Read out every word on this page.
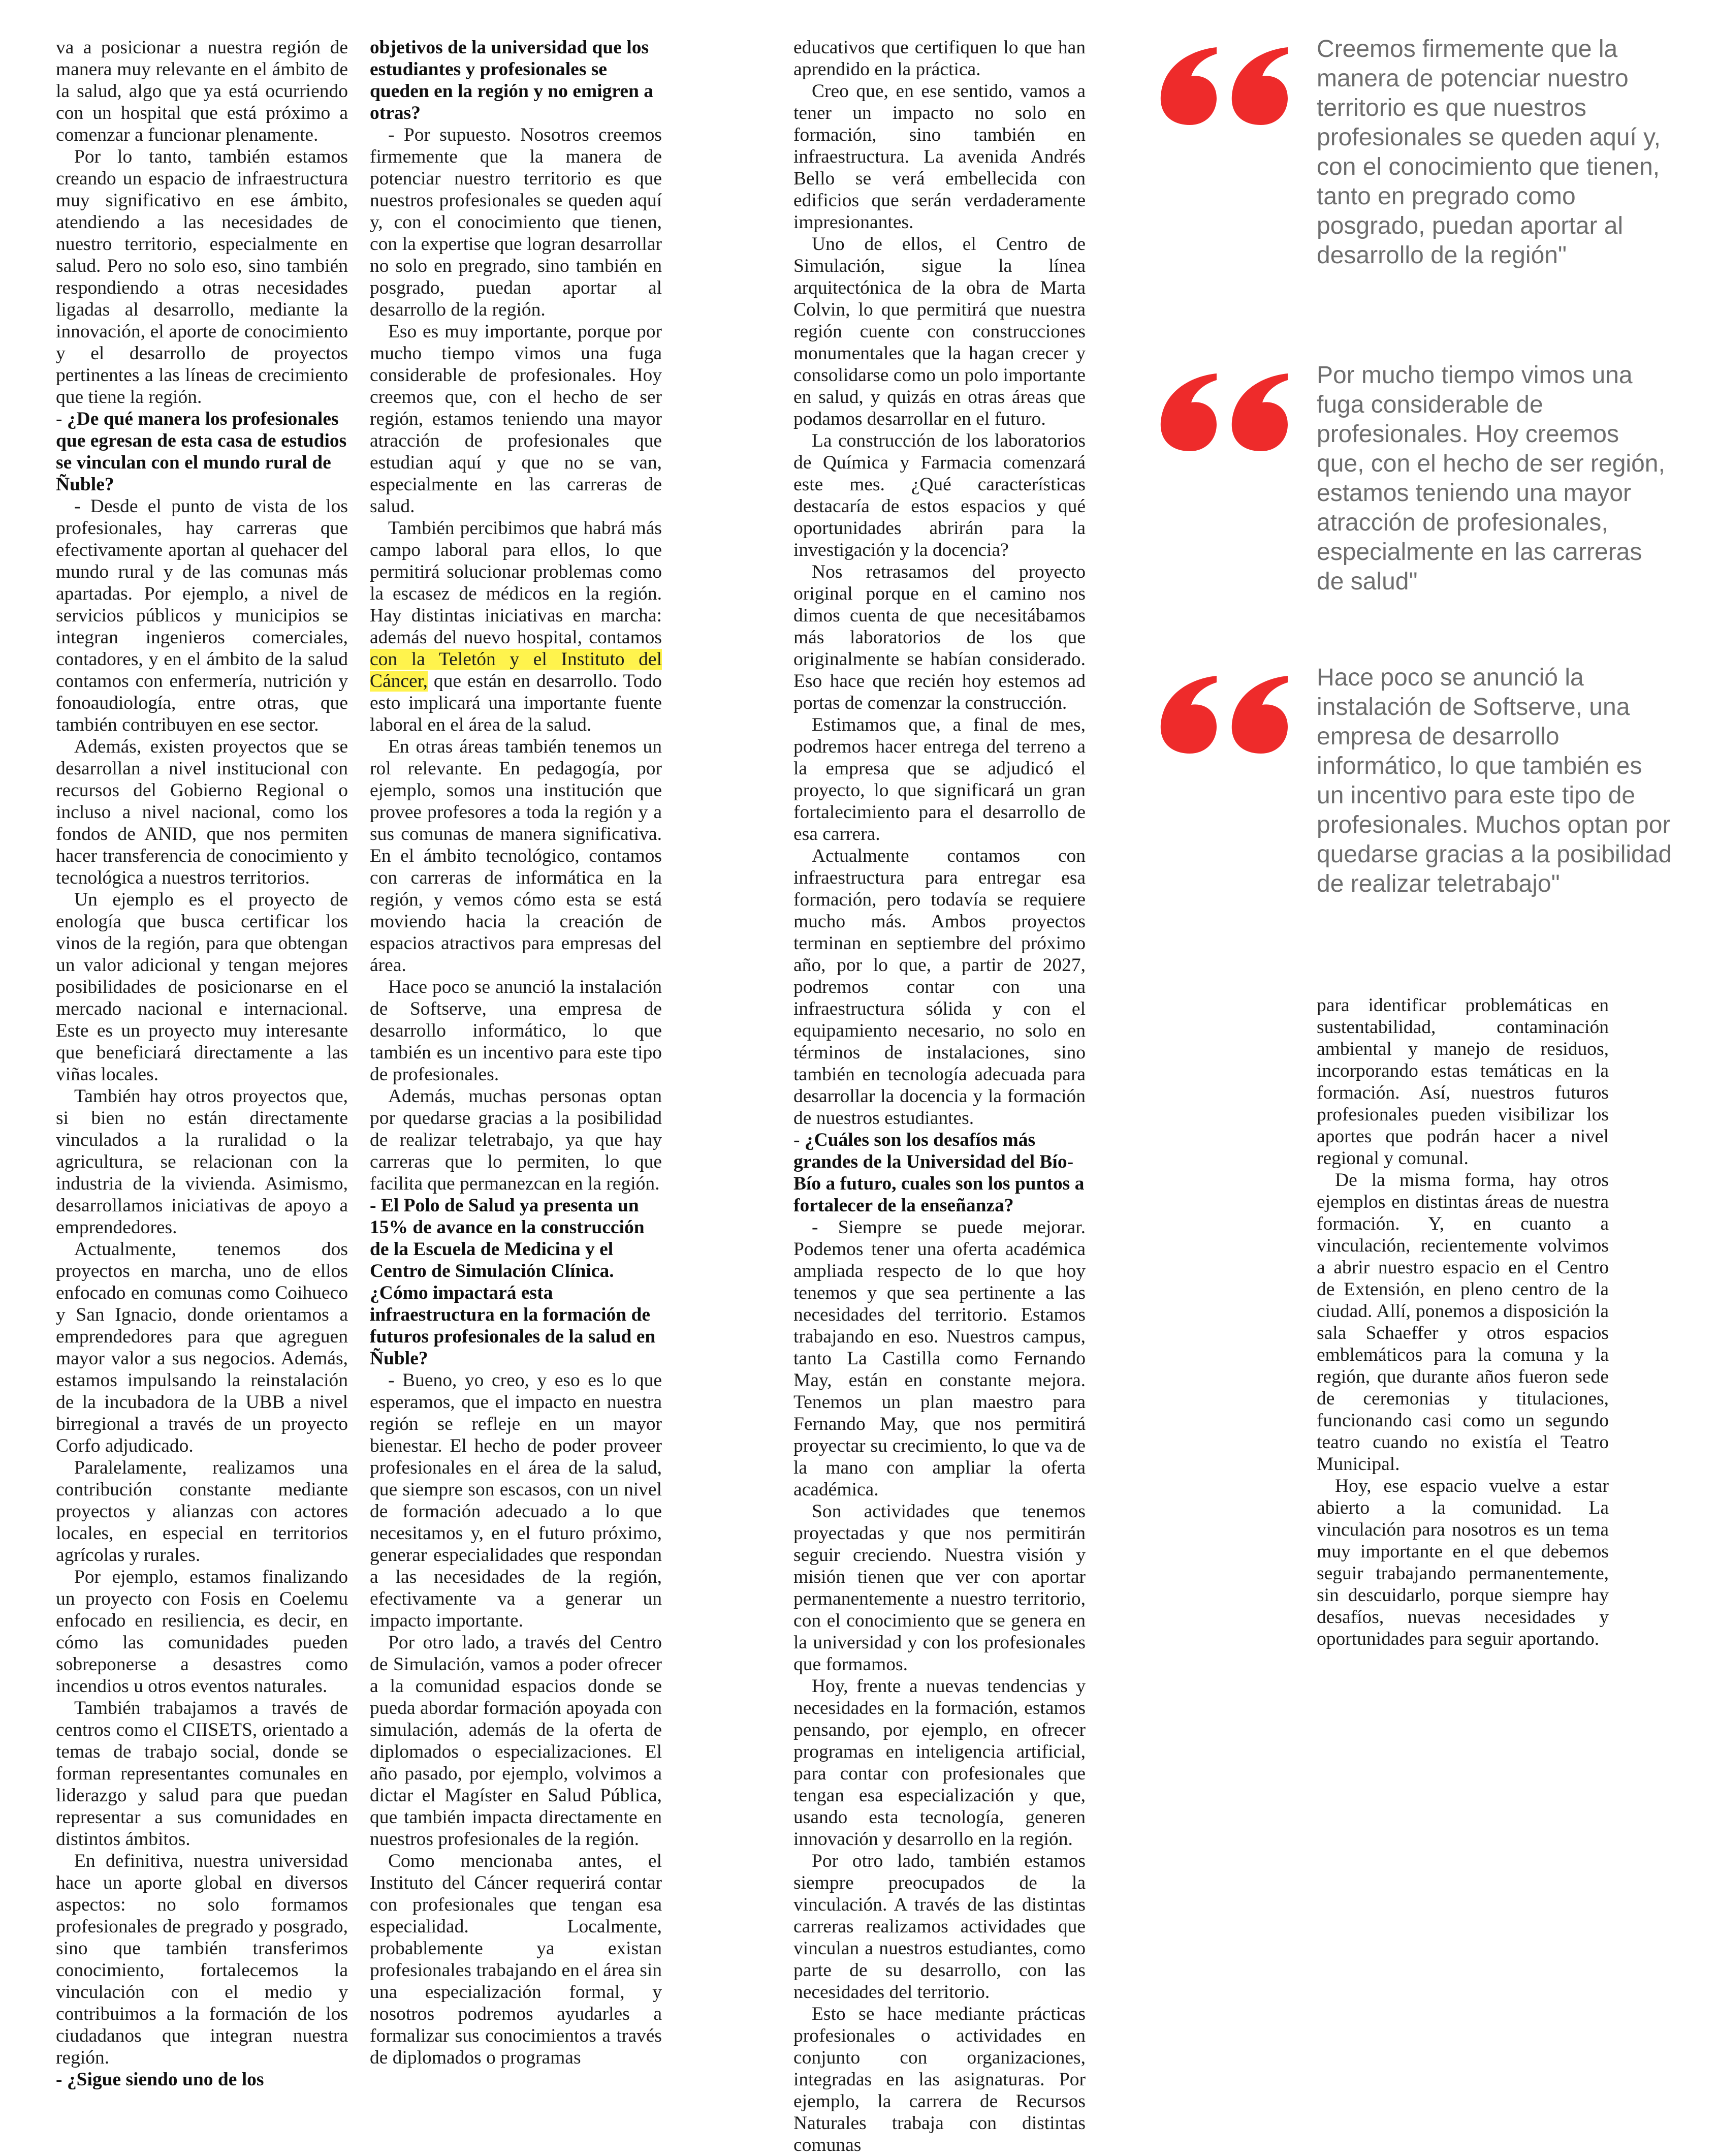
va a posicionar a nuestra región de manera muy relevante en el ámbito de la salud, algo que ya está ocurriendo con un hospital que está próximo a comenzar a funcionar plenamente.

Por lo tanto, también estamos creando un espacio de infraestructura muy significativo en ese ámbito, atendiendo a las necesidades de nuestro territorio, especialmente en salud. Pero no solo eso, sino también respondiendo a otras necesidades ligadas al desarrollo, mediante la innovación, el aporte de conocimiento y el desarrollo de proyectos pertinentes a las líneas de crecimiento que tiene la región.

- ¿De qué manera los profesionales que egresan de esta casa de estudios se vinculan con el mundo rural de Ñuble?

- Desde el punto de vista de los profesionales, hay carreras que efectivamente aportan al quehacer del mundo rural y de las comunas más apartadas. Por ejemplo, a nivel de servicios públicos y municipios se integran ingenieros comerciales, contadores, y en el ámbito de la salud contamos con enfermería, nutrición y fonoaudiología, entre otras, que también contribuyen en ese sector.

Además, existen proyectos que se desarrollan a nivel institucional con recursos del Gobierno Regional o incluso a nivel nacional, como los fondos de ANID, que nos permiten hacer transferencia de conocimiento y tecnológica a nuestros territorios.

Un ejemplo es el proyecto de enología que busca certificar los vinos de la región, para que obtengan un valor adicional y tengan mejores posibilidades de posicionarse en el mercado nacional e internacional. Este es un proyecto muy interesante que beneficiará directamente a las viñas locales.

También hay otros proyectos que, si bien no están directamente vinculados a la ruralidad o la agricultura, se relacionan con la industria de la vivienda. Asimismo, desarrollamos iniciativas de apoyo a emprendedores.

Actualmente, tenemos dos proyectos en marcha, uno de ellos enfocado en comunas como Coihueco y San Ignacio, donde orientamos a emprendedores para que agreguen mayor valor a sus negocios. Además, estamos impulsando la reinstalación de la incubadora de la UBB a nivel birregional a través de un proyecto Corfo adjudicado.

Paralelamente, realizamos una contribución constante mediante proyectos y alianzas con actores locales, en especial en territorios agrícolas y rurales.

Por ejemplo, estamos finalizando un proyecto con Fosis en Coelemu enfocado en resiliencia, es decir, en cómo las comunidades pueden sobreponerse a desastres como incendios u otros eventos naturales.

También trabajamos a través de centros como el CIISETS, orientado a temas de trabajo social, donde se forman representantes comunales en liderazgo y salud para que puedan representar a sus comunidades en distintos ámbitos.

En definitiva, nuestra universidad hace un aporte global en diversos aspectos: no solo formamos profesionales de pregrado y posgrado, sino que también transferimos conocimiento, fortalecemos la vinculación con el medio y contribuimos a la formación de los ciudadanos que integran nuestra región.

- ¿Sigue siendo uno de los
objetivos de la universidad que los estudiantes y profesionales se queden en la región y no emigren a otras?

- Por supuesto. Nosotros creemos firmemente que la manera de potenciar nuestro territorio es que nuestros profesionales se queden aquí y, con el conocimiento que tienen, con la expertise que logran desarrollar no solo en pregrado, sino también en posgrado, puedan aportar al desarrollo de la región.

Eso es muy importante, porque por mucho tiempo vimos una fuga considerable de profesionales. Hoy creemos que, con el hecho de ser región, estamos teniendo una mayor atracción de profesionales que estudian aquí y que no se van, especialmente en las carreras de salud.

También percibimos que habrá más campo laboral para ellos, lo que permitirá solucionar problemas como la escasez de médicos en la región. Hay distintas iniciativas en marcha: además del nuevo hospital, contamos con la Teletón y el Instituto del Cáncer, que están en desarrollo. Todo esto implicará una importante fuente laboral en el área de la salud.

En otras áreas también tenemos un rol relevante. En pedagogía, por ejemplo, somos una institución que provee profesores a toda la región y a sus comunas de manera significativa. En el ámbito tecnológico, contamos con carreras de informática en la región, y vemos cómo esta se está moviendo hacia la creación de espacios atractivos para empresas del área.

Hace poco se anunció la instalación de Softserve, una empresa de desarrollo informático, lo que también es un incentivo para este tipo de profesionales.

Además, muchas personas optan por quedarse gracias a la posibilidad de realizar teletrabajo, ya que hay carreras que lo permiten, lo que facilita que permanezcan en la región.

- El Polo de Salud ya presenta un 15% de avance en la construcción de la Escuela de Medicina y el Centro de Simulación Clínica. ¿Cómo impactará esta infraestructura en la formación de futuros profesionales de la salud en Ñuble?

- Bueno, yo creo, y eso es lo que esperamos, que el impacto en nuestra región se refleje en un mayor bienestar. El hecho de poder proveer profesionales en el área de la salud, que siempre son escasos, con un nivel de formación adecuado a lo que necesitamos y, en el futuro próximo, generar especialidades que respondan a las necesidades de la región, efectivamente va a generar un impacto importante.

Por otro lado, a través del Centro de Simulación, vamos a poder ofrecer a la comunidad espacios donde se pueda abordar formación apoyada con simulación, además de la oferta de diplomados o especializaciones. El año pasado, por ejemplo, volvimos a dictar el Magíster en Salud Pública, que también impacta directamente en nuestros profesionales de la región.

Como mencionaba antes, el Instituto del Cáncer requerirá contar con profesionales que tengan esa especialidad. Localmente, probablemente ya existan profesionales trabajando en el área sin una especialización formal, y nosotros podremos ayudarles a formalizar sus conocimientos a través de diplomados o programas

educativos que certifiquen lo que han aprendido en la práctica.

Creo que, en ese sentido, vamos a tener un impacto no solo en formación, sino también en infraestructura. La avenida Andrés Bello se verá embellecida con edificios que serán verdaderamente impresionantes.

Uno de ellos, el Centro de Simulación, sigue la línea arquitectónica de la obra de Marta Colvin, lo que permitirá que nuestra región cuente con construcciones monumentales que la hagan crecer y consolidarse como un polo importante en salud, y quizás en otras áreas que podamos desarrollar en el futuro.

La construcción de los laboratorios de Química y Farmacia comenzará este mes. ¿Qué características destacaría de estos espacios y qué oportunidades abrirán para la investigación y la docencia?

Nos retrasamos del proyecto original porque en el camino nos dimos cuenta de que necesitábamos más laboratorios de los que originalmente se habían considerado. Eso hace que recién hoy estemos ad portas de comenzar la construcción.

Estimamos que, a final de mes, podremos hacer entrega del terreno a la empresa que se adjudicó el proyecto, lo que significará un gran fortalecimiento para el desarrollo de esa carrera.

Actualmente contamos con infraestructura para entregar esa formación, pero todavía se requiere mucho más. Ambos proyectos terminan en septiembre del próximo año, por lo que, a partir de 2027, podremos contar con una infraestructura sólida y con el equipamiento necesario, no solo en términos de instalaciones, sino también en tecnología adecuada para desarrollar la docencia y la formación de nuestros estudiantes.

- ¿Cuáles son los desafíos más grandes de la Universidad del Bío-Bío a futuro, cuales son los puntos a fortalecer de la enseñanza?

- Siempre se puede mejorar. Podemos tener una oferta académica ampliada respecto de lo que hoy tenemos y que sea pertinente a las necesidades del territorio. Estamos trabajando en eso. Nuestros campus, tanto La Castilla como Fernando May, están en constante mejora. Tenemos un plan maestro para Fernando May, que nos permitirá proyectar su crecimiento, lo que va de la mano con ampliar la oferta académica.

Son actividades que tenemos proyectadas y que nos permitirán seguir creciendo. Nuestra visión y misión tienen que ver con aportar permanentemente a nuestro territorio, con el conocimiento que se genera en la universidad y con los profesionales que formamos.

Hoy, frente a nuevas tendencias y necesidades en la formación, estamos pensando, por ejemplo, en ofrecer programas en inteligencia artificial, para contar con profesionales que tengan esa especialización y que, usando esta tecnología, generen innovación y desarrollo en la región.

Por otro lado, también estamos siempre preocupados de la vinculación. A través de las distintas carreras realizamos actividades que vinculan a nuestros estudiantes, como parte de su desarrollo, con las necesidades del territorio.

Esto se hace mediante prácticas profesionales o actividades en conjunto con organizaciones, integradas en las asignaturas. Por ejemplo, la carrera de Recursos Naturales trabaja con distintas comunas

para identificar problemáticas en sustentabilidad, contaminación ambiental y manejo de residuos, incorporando estas temáticas en la formación. Así, nuestros futuros profesionales pueden visibilizar los aportes que podrán hacer a nivel regional y comunal.

De la misma forma, hay otros ejemplos en distintas áreas de nuestra formación. Y, en cuanto a vinculación, recientemente volvimos a abrir nuestro espacio en el Centro de Extensión, en pleno centro de la ciudad. Allí, ponemos a disposición la sala Schaeffer y otros espacios emblemáticos para la comuna y la región, que durante años fueron sede de ceremonias y titulaciones, funcionando casi como un segundo teatro cuando no existía el Teatro Municipal.

Hoy, ese espacio vuelve a estar abierto a la comunidad. La vinculación para nosotros es un tema muy importante en el que debemos seguir trabajando permanentemente, sin descuidarlo, porque siempre hay desafíos, nuevas necesidades y oportunidades para seguir aportando.

Creemos firmemente que la manera de potenciar nuestro territorio es que nuestros profesionales se queden aquí y, con el conocimiento que tienen, tanto en pregrado como posgrado, puedan aportar al desarrollo de la región"
Por mucho tiempo vimos una fuga considerable de profesionales. Hoy creemos que, con el hecho de ser región, estamos teniendo una mayor atracción de profesionales, especialmente en las carreras de salud"
Hace poco se anunció la instalación de Softserve, una empresa de desarrollo informático, lo que también es un incentivo para este tipo de profesionales. Muchos optan por quedarse gracias a la posibilidad de realizar teletrabajo"
